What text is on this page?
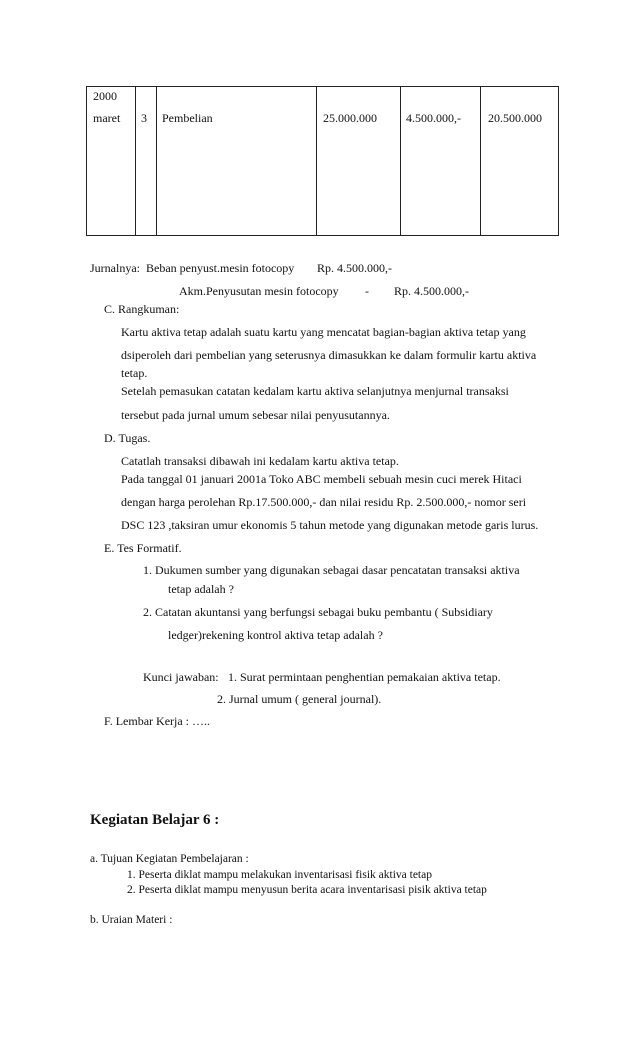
2000
maret	3	Pembelian	25.000.000	4.500.000,-	20.500.000
Jurnalnya: Beban penyust.mesin fotocopy Rp. 4.500.000,-
Akm.Penyusutan mesin fotocopy - Rp. 4.500.000,-
C. Rangkuman:
Kartu aktiva tetap adalah suatu kartu yang mencatat bagian-bagian aktiva tetap yang
dsiperoleh dari pembelian yang seterusnya dimasukkan ke dalam formulir kartu aktiva
tetap.
Setelah pemasukan catatan kedalam kartu aktiva selanjutnya menjurnal transaksi
tersebut pada jurnal umum sebesar nilai penyusutannya.
D. Tugas.
Catatlah transaksi dibawah ini kedalam kartu aktiva tetap.
Pada tanggal 01 januari 2001a Toko ABC membeli sebuah mesin cuci merek Hitaci
dengan harga perolehan Rp.17.500.000,- dan nilai residu Rp. 2.500.000,- nomor seri
DSC 123 ,taksiran umur ekonomis 5 tahun metode yang digunakan metode garis lurus.
E. Tes Formatif.
1. Dukumen sumber yang digunakan sebagai dasar pencatatan transaksi aktiva
tetap adalah ?
2. Catatan akuntansi yang berfungsi sebagai buku pembantu ( Subsidiary
ledger)rekening kontrol aktiva tetap adalah ?
Kunci jawaban: 1. Surat permintaan penghentian pemakaian aktiva tetap.
2. Jurnal umum ( general journal).
F. Lembar Kerja : …..
Kegiatan Belajar 6 :
a. Tujuan Kegiatan Pembelajaran :
1. Peserta diklat mampu melakukan inventarisasi fisik aktiva tetap
2. Peserta diklat mampu menyusun berita acara inventarisasi pisik aktiva tetap
b. Uraian Materi :
